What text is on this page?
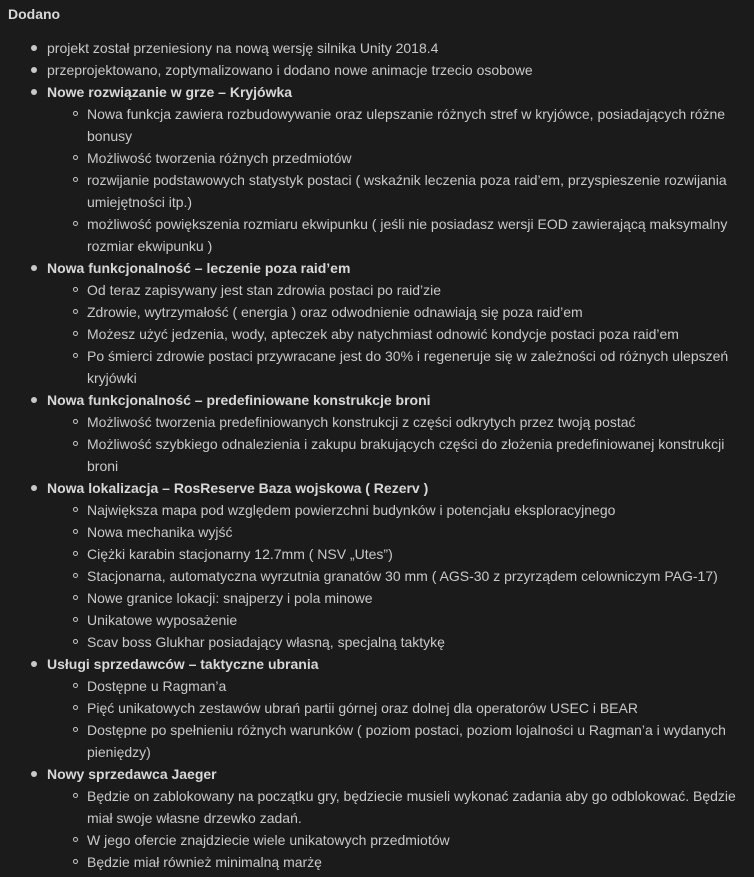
Dodano
projekt został przeniesiony na nową wersję silnika Unity 2018.4
przeprojektowano, zoptymalizowano i dodano nowe animacje trzecio osobowe
Nowe rozwiązanie w grze – Kryjówka
Nowa funkcja zawiera rozbudowywanie oraz ulepszanie różnych stref w kryjówce, posiadających różne bonusy
Możliwość tworzenia różnych przedmiotów
rozwijanie podstawowych statystyk postaci ( wskaźnik leczenia poza raid’em, przyspieszenie rozwijania umiejętności itp.)
możliwość powiększenia rozmiaru ekwipunku ( jeśli nie posiadasz wersji EOD zawierającą maksymalny rozmiar ekwipunku )
Nowa funkcjonalność – leczenie poza raid’em
Od teraz zapisywany jest stan zdrowia postaci po raid’zie
Zdrowie, wytrzymałość ( energia ) oraz odwodnienie odnawiają się poza raid’em
Możesz użyć jedzenia, wody, apteczek aby natychmiast odnowić kondycje postaci poza raid’em
Po śmierci zdrowie postaci przywracane jest do 30% i regeneruje się w zależności od różnych ulepszeń kryjówki
Nowa funkcjonalność – predefiniowane konstrukcje broni
Możliwość tworzenia predefiniowanych konstrukcji z części odkrytych przez twoją postać
Możliwość szybkiego odnalezienia i zakupu brakujących części do złożenia predefiniowanej konstrukcji broni
Nowa lokalizacja – RosReserve Baza wojskowa ( Rezerv )
Największa mapa pod względem powierzchni budynków i potencjału eksploracyjnego
Nowa mechanika wyjść
Ciężki karabin stacjonarny 12.7mm ( NSV „Utes”)
Stacjonarna, automatyczna wyrzutnia granatów 30 mm ( AGS-30 z przyrządem celowniczym PAG-17)
Nowe granice lokacji: snajperzy i pola minowe
Unikatowe wyposażenie
Scav boss Glukhar posiadający własną, specjalną taktykę
Usługi sprzedawców – taktyczne ubrania
Dostępne u Ragman’a
Pięć unikatowych zestawów ubrań partii górnej oraz dolnej dla operatorów USEC i BEAR
Dostępne po spełnieniu różnych warunków ( poziom postaci, poziom lojalności u Ragman’a i wydanych pieniędzy)
Nowy sprzedawca Jaeger
Będzie on zablokowany na początku gry, będziecie musieli wykonać zadania aby go odblokować. Będzie miał swoje własne drzewko zadań.
W jego ofercie znajdziecie wiele unikatowych przedmiotów
Będzie miał również minimalną marżę
